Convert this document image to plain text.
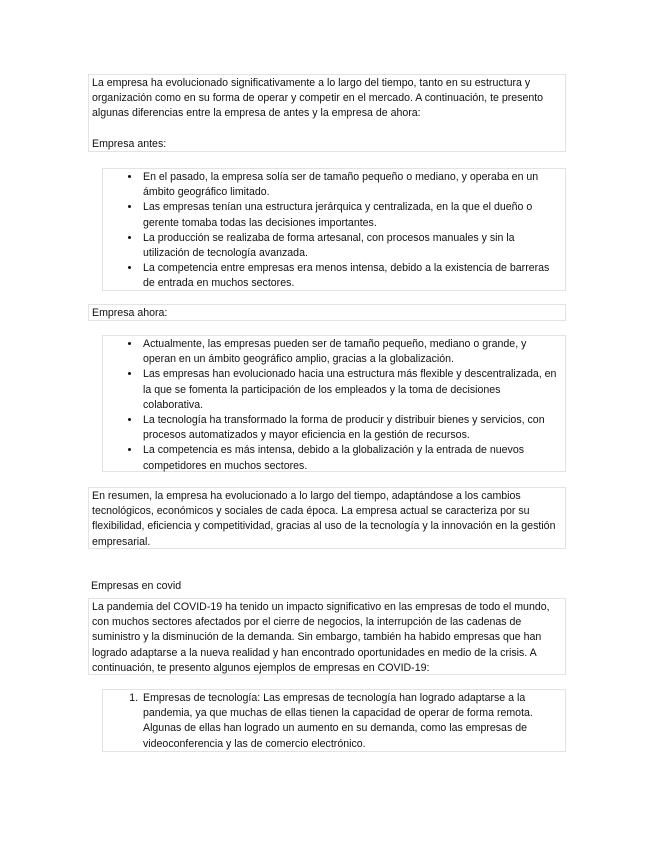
La empresa ha evolucionado significativamente a lo largo del tiempo, tanto en su estructura y organización como en su forma de operar y competir en el mercado. A continuación, te presento algunas diferencias entre la empresa de antes y la empresa de ahora:

Empresa antes:

• En el pasado, la empresa solía ser de tamaño pequeño o mediano, y operaba en un ámbito geográfico limitado.
• Las empresas tenían una estructura jerárquica y centralizada, en la que el dueño o gerente tomaba todas las decisiones importantes.
• La producción se realizaba de forma artesanal, con procesos manuales y sin la utilización de tecnología avanzada.
• La competencia entre empresas era menos intensa, debido a la existencia de barreras de entrada en muchos sectores.

Empresa ahora:

• Actualmente, las empresas pueden ser de tamaño pequeño, mediano o grande, y operan en un ámbito geográfico amplio, gracias a la globalización.
• Las empresas han evolucionado hacia una estructura más flexible y descentralizada, en la que se fomenta la participación de los empleados y la toma de decisiones colaborativa.
• La tecnología ha transformado la forma de producir y distribuir bienes y servicios, con procesos automatizados y mayor eficiencia en la gestión de recursos.
• La competencia es más intensa, debido a la globalización y la entrada de nuevos competidores en muchos sectores.

En resumen, la empresa ha evolucionado a lo largo del tiempo, adaptándose a los cambios tecnológicos, económicos y sociales de cada época. La empresa actual se caracteriza por su flexibilidad, eficiencia y competitividad, gracias al uso de la tecnología y la innovación en la gestión empresarial.

Empresas en covid

La pandemia del COVID-19 ha tenido un impacto significativo en las empresas de todo el mundo, con muchos sectores afectados por el cierre de negocios, la interrupción de las cadenas de suministro y la disminución de la demanda. Sin embargo, también ha habido empresas que han logrado adaptarse a la nueva realidad y han encontrado oportunidades en medio de la crisis. A continuación, te presento algunos ejemplos de empresas en COVID-19:

1. Empresas de tecnología: Las empresas de tecnología han logrado adaptarse a la pandemia, ya que muchas de ellas tienen la capacidad de operar de forma remota. Algunas de ellas han logrado un aumento en su demanda, como las empresas de videoconferencia y las de comercio electrónico.
